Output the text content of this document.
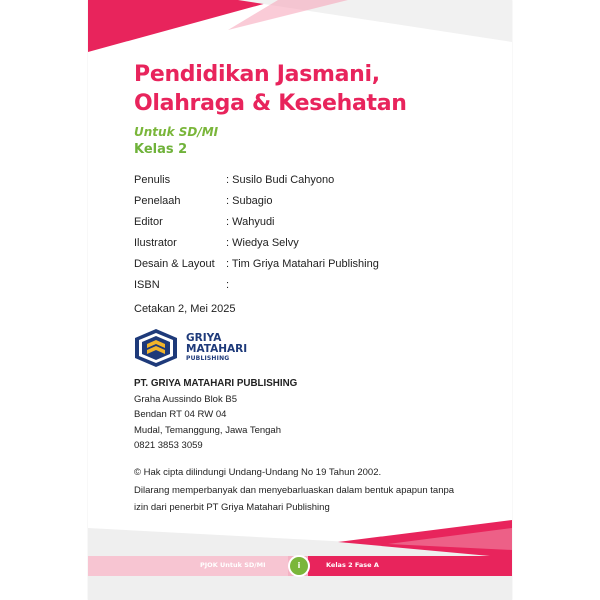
Pendidikan Jasmani,
Olahraga & Kesehatan
Untuk SD/MI
Kelas 2
Penulis	: Susilo Budi Cahyono
Penelaah	: Subagio
Editor	: Wahyudi
Ilustrator	: Wiedya Selvy
Desain & Layout	: Tim Griya Matahari Publishing
ISBN	:
Cetakan 2, Mei 2025
GRIYA
MATAHARI
PUBLISHING
PT. GRIYA MATAHARI PUBLISHING
Graha Aussindo Blok B5
Bendan RT 04 RW 04
Mudal, Temanggung, Jawa Tengah
0821 3853 3059
© Hak cipta dilindungi Undang-Undang No 19 Tahun 2002.
Dilarang memperbanyak dan menyebarluaskan dalam bentuk apapun tanpa
izin dari penerbit PT Griya Matahari Publishing
PJOK Untuk SD/MI	i	Kelas 2 Fase A
